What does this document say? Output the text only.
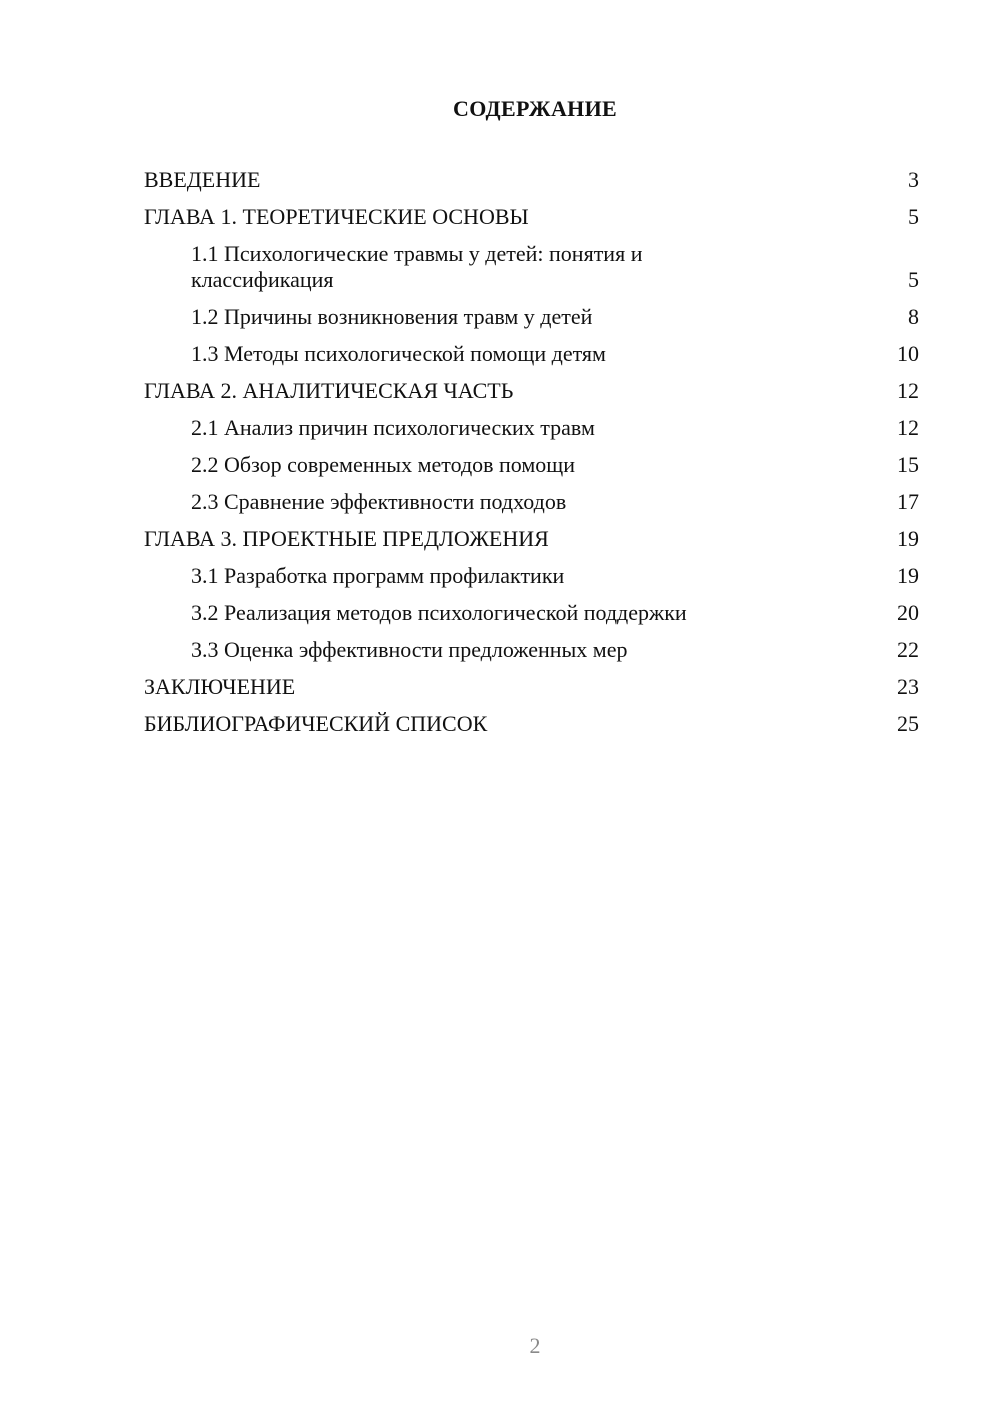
СОДЕРЖАНИЕ
ВВЕДЕНИЕ	3
ГЛАВА 1. ТЕОРЕТИЧЕСКИЕ ОСНОВЫ	5
1.1 Психологические травмы у детей: понятия и классификация	5
1.2 Причины возникновения травм у детей	8
1.3 Методы психологической помощи детям	10
ГЛАВА 2. АНАЛИТИЧЕСКАЯ ЧАСТЬ	12
2.1 Анализ причин психологических травм	12
2.2 Обзор современных методов помощи	15
2.3 Сравнение эффективности подходов	17
ГЛАВА 3. ПРОЕКТНЫЕ ПРЕДЛОЖЕНИЯ	19
3.1 Разработка программ профилактики	19
3.2 Реализация методов психологической поддержки	20
3.3 Оценка эффективности предложенных мер	22
ЗАКЛЮЧЕНИЕ	23
БИБЛИОГРАФИЧЕСКИЙ СПИСОК	25
2
